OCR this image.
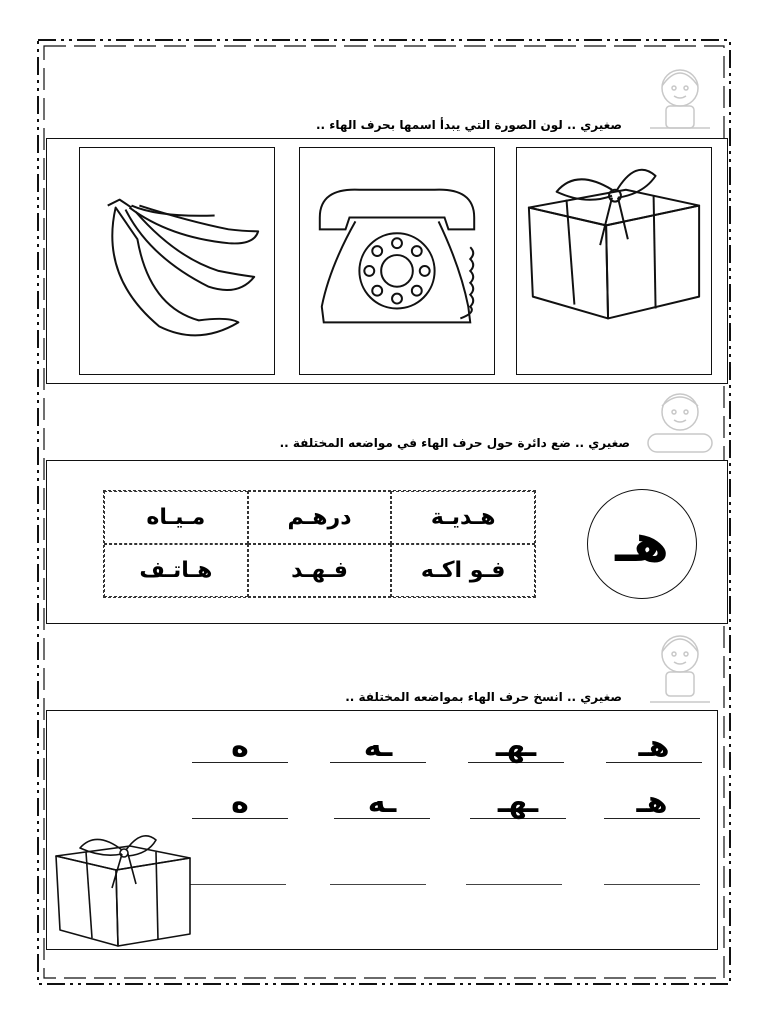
صغيري .. لون الصورة التي يبدأ اسمها بحرف الهاء ..
صغيري .. ضع دائرة حول حرف الهاء في مواضعه المختلفة ..
هـ
هـديـة
درهـم
مـيـاه
فـو اكـه
فـهـد
هـاتـف
صغيري .. انسخ حرف الهاء بمواضعه المختلفة ..
هـ
ـهـ
ـه
ه
هـ
ـهـ
ـه
ه
